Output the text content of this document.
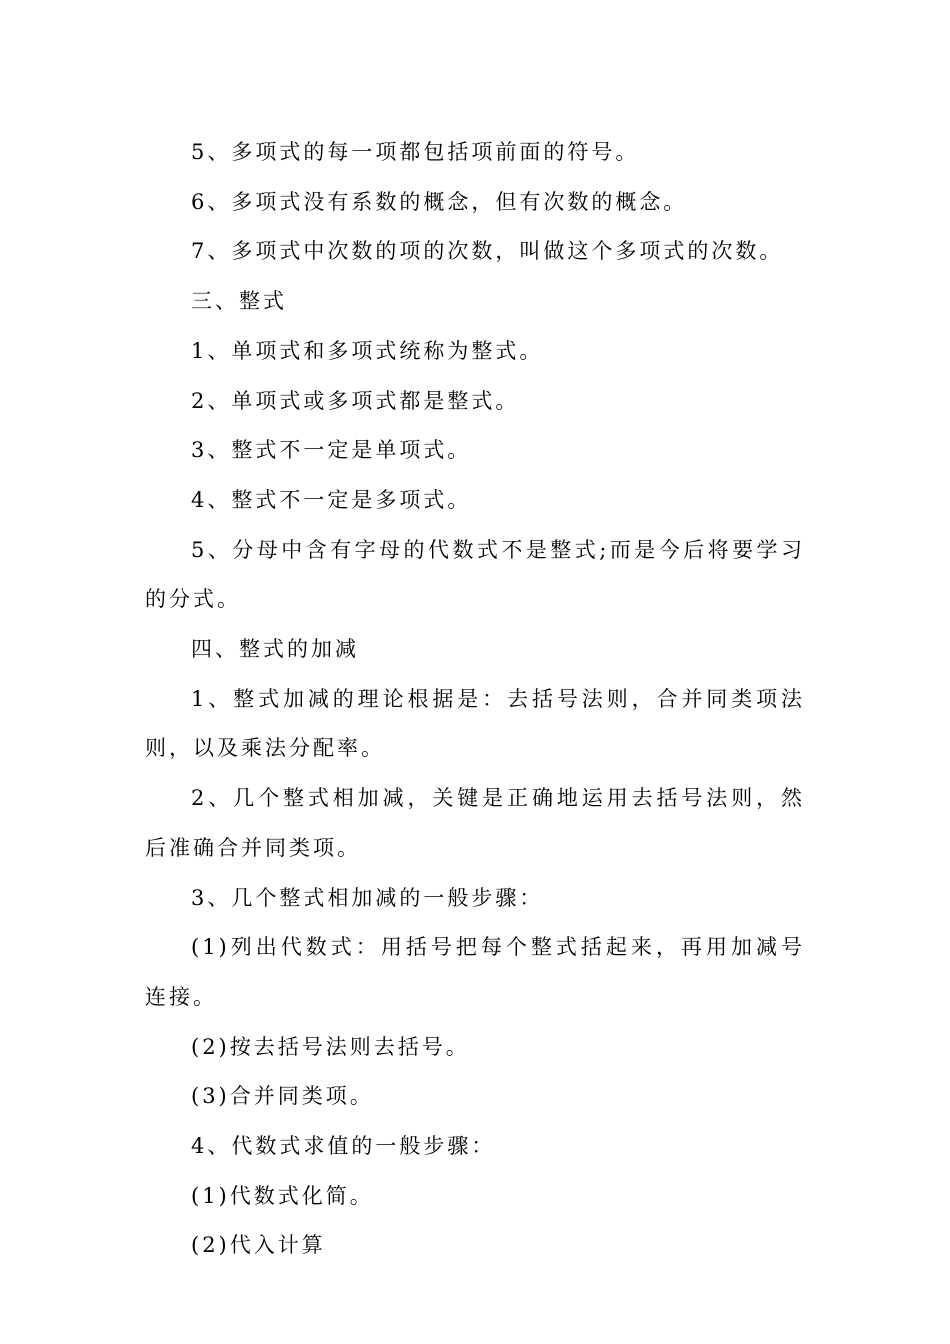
5、多项式的每一项都包括项前面的符号。

6、多项式没有系数的概念，但有次数的概念。

7、多项式中次数的项的次数，叫做这个多项式的次数。

三、整式

1、单项式和多项式统称为整式。

2、单项式或多项式都是整式。

3、整式不一定是单项式。

4、整式不一定是多项式。

5、分母中含有字母的代数式不是整式;而是今后将要学习的分式。

四、整式的加减

1、整式加减的理论根据是：去括号法则，合并同类项法则，以及乘法分配率。

2、几个整式相加减，关键是正确地运用去括号法则，然后准确合并同类项。

3、几个整式相加减的一般步骤：

(1)列出代数式：用括号把每个整式括起来，再用加减号连接。

(2)按去括号法则去括号。

(3)合并同类项。

4、代数式求值的一般步骤：

(1)代数式化简。

(2)代入计算
